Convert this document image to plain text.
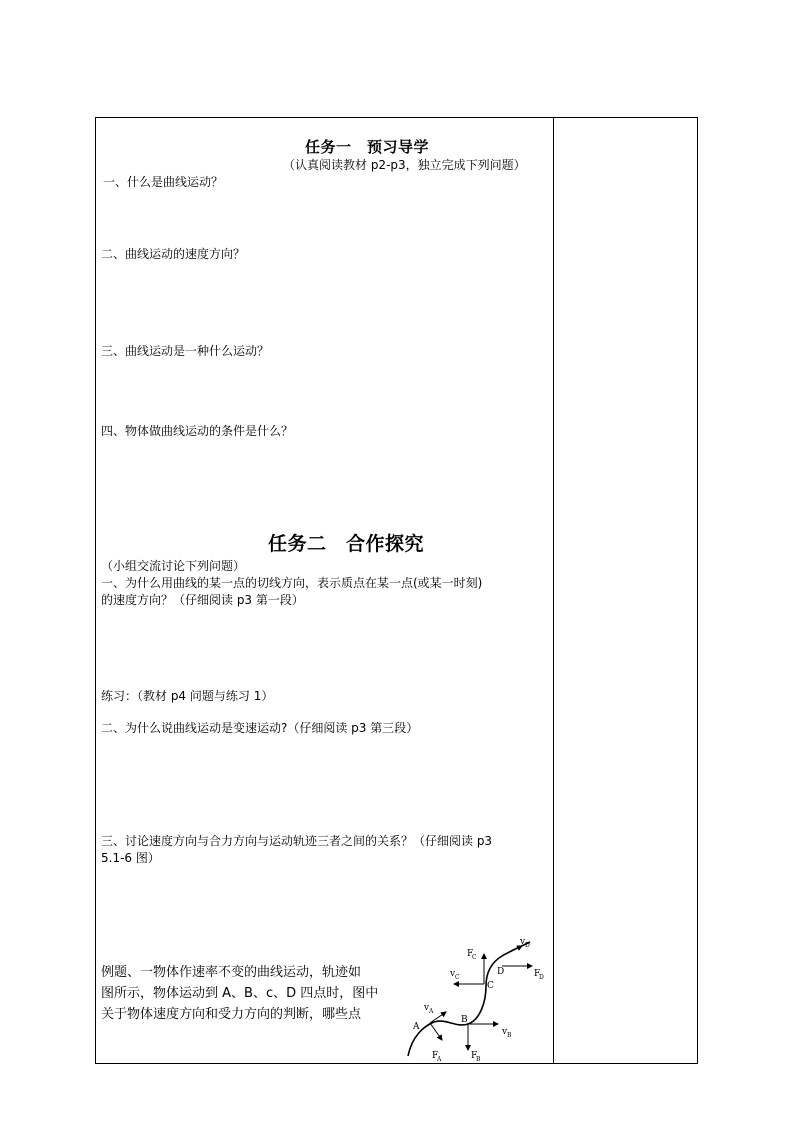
任务一　预习导学
（认真阅读教材 p2-p3，独立完成下列问题）
一、什么是曲线运动？
二、曲线运动的速度方向？
三、曲线运动是一种什么运动？
四、物体做曲线运动的条件是什么？
任务二　合作探究
（小组交流讨论下列问题）
一、为什么用曲线的某一点的切线方向，表示质点在某一点(或某一时刻)
的速度方向？（仔细阅读 p3 第一段）
练习：（教材 p4 问题与练习 1）
二、为什么说曲线运动是变速运动?（仔细阅读 p3 第三段）
三、讨论速度方向与合力方向与运动轨迹三者之间的关系？（仔细阅读 p3
5.1-6 图）
例题、一物体作速率不变的曲线运动，轨迹如
图所示，物体运动到 A、B、c、D 四点时，图中
关于物体速度方向和受力方向的判断，哪些点
A
v A
F
A
B
v B
F
B
C
v C
F
C
D
v D
F
D
